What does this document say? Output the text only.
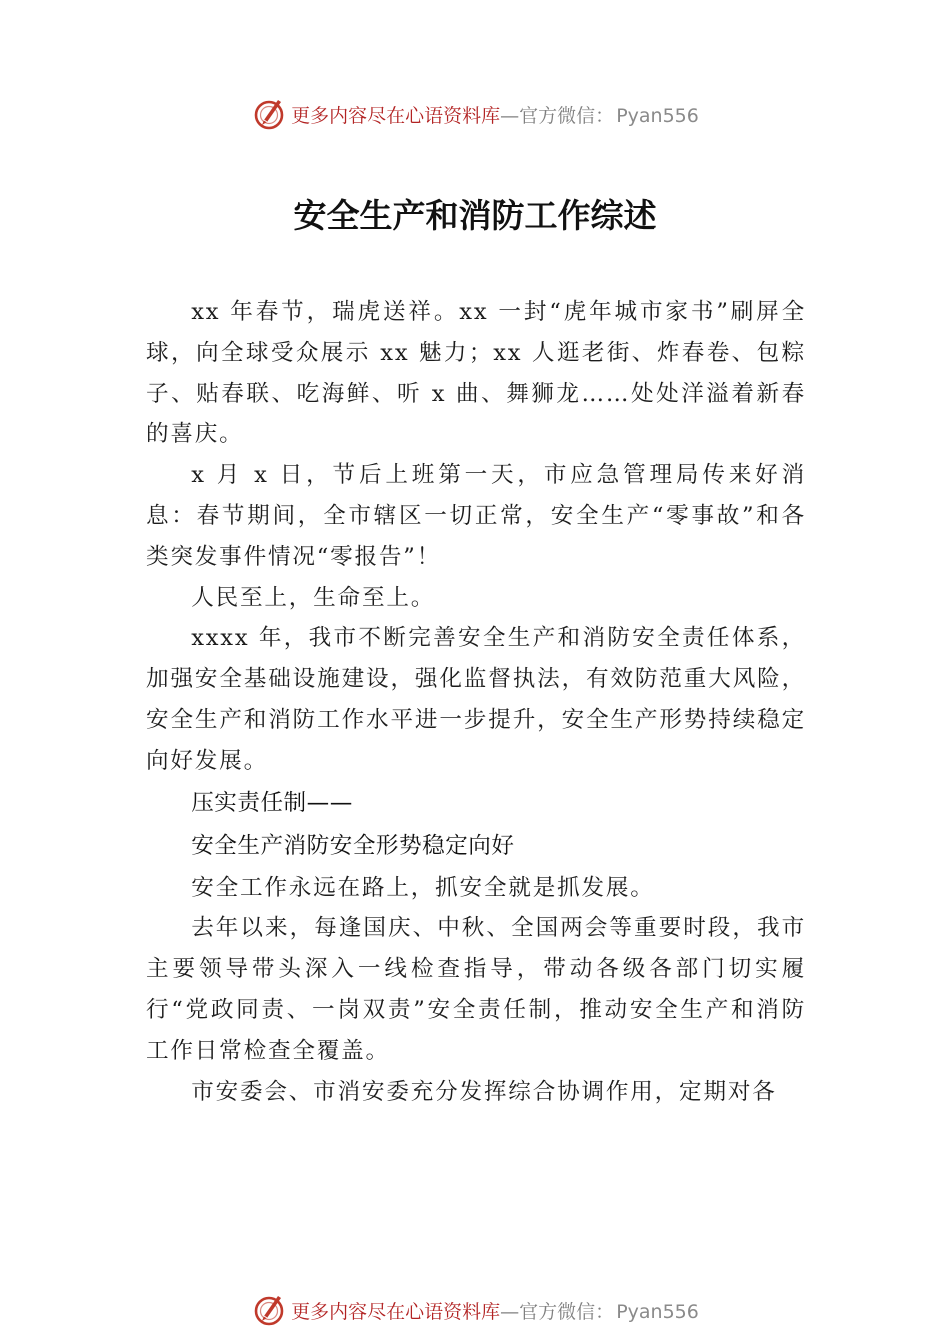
更多内容尽在心语资料库—官方微信： Pyan556
安全生产和消防工作综述

xx 年春节，瑞虎送祥。xx 一封“虎年城市家书”刷屏全球，向全球受众展示 xx 魅力；xx 人逛老街、炸春卷、包粽子、贴春联、吃海鲜、听 x 曲、舞狮龙……处处洋溢着新春的喜庆。

x 月 x 日，节后上班第一天，市应急管理局传来好消息：春节期间，全市辖区一切正常，安全生产“零事故”和各类突发事件情况“零报告”！

人民至上，生命至上。

xxxx 年，我市不断完善安全生产和消防安全责任体系，加强安全基础设施建设，强化监督执法，有效防范重大风险，安全生产和消防工作水平进一步提升，安全生产形势持续稳定向好发展。

压实责任制——

安全生产消防安全形势稳定向好

安全工作永远在路上，抓安全就是抓发展。

去年以来，每逢国庆、中秋、全国两会等重要时段，我市主要领导带头深入一线检查指导，带动各级各部门切实履行“党政同责、一岗双责”安全责任制，推动安全生产和消防工作日常检查全覆盖。

市安委会、市消安委充分发挥综合协调作用，定期对各

更多内容尽在心语资料库—官方微信： Pyan556
